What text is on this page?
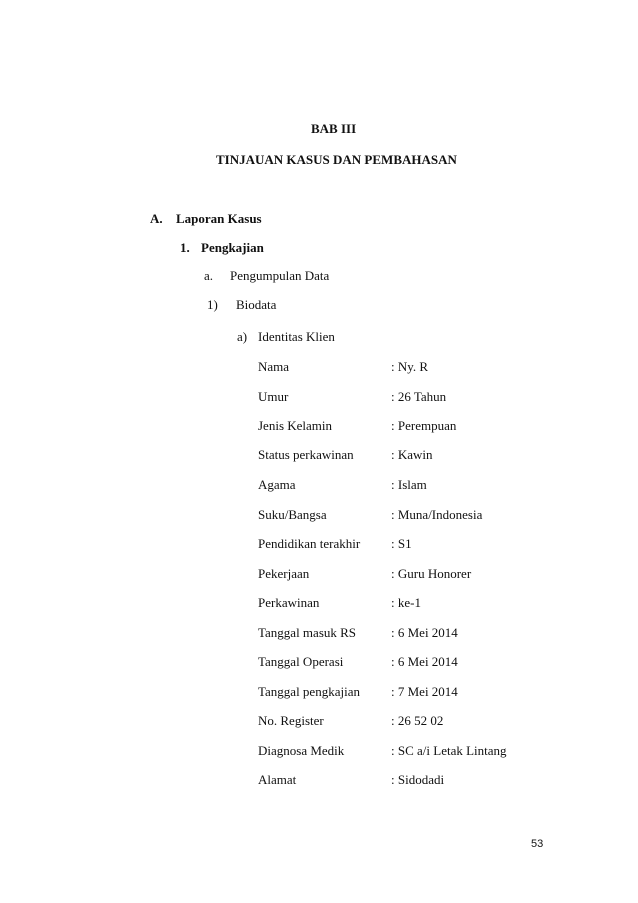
BAB III
TINJAUAN KASUS DAN PEMBAHASAN
A. Laporan Kasus
1. Pengkajian
a. Pengumpulan Data
1) Biodata
a) Identitas Klien
Nama	: Ny. R
Umur	: 26 Tahun
Jenis Kelamin	: Perempuan
Status perkawinan	: Kawin
Agama	: Islam
Suku/Bangsa	: Muna/Indonesia
Pendidikan terakhir : S1
Pekerjaan	: Guru Honorer
Perkawinan	: ke-1
Tanggal masuk RS	: 6 Mei 2014
Tanggal Operasi	: 6 Mei 2014
Tanggal pengkajian : 7 Mei 2014
No. Register	: 26 52 02
Diagnosa Medik	: SC a/i Letak Lintang
Alamat	: Sidodadi
53
